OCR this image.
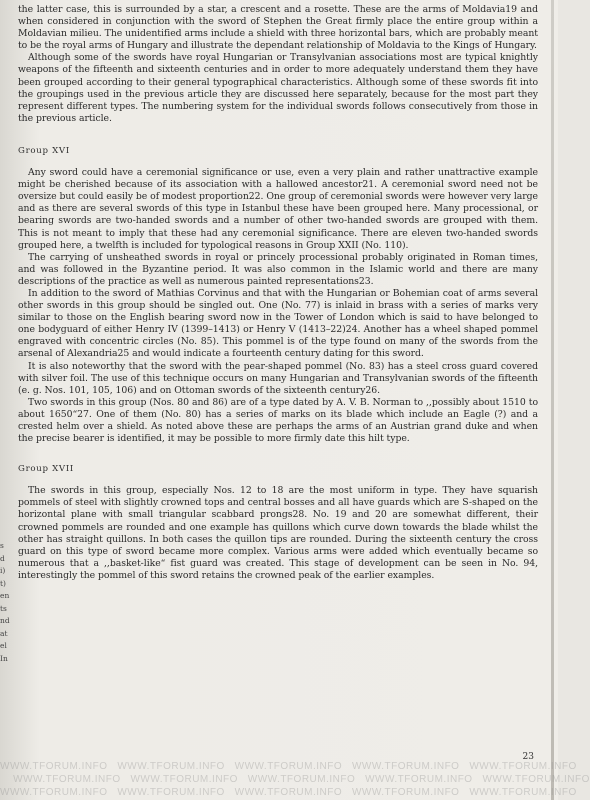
s
d
i)
t)
en
ts
nd
at
el
In

the latter case, this is surrounded by a star, a crescent and a rosette. These are the arms of Moldavia19 and when considered in conjunction with the sword of Stephen the Great firmly place the entire group within a Moldavian milieu. The unidentified arms include a shield with three horizontal bars, which are probably meant to be the royal arms of Hungary and illustrate the dependant relationship of Moldavia to the Kings of Hungary.

Although some of the swords have royal Hungarian or Transylvanian associations most are typical knightly weapons of the fifteenth and sixteenth centuries and in order to more adequately understand them they have been grouped according to their general typographical characteristics. Although some of these swords fit into the groupings used in the previous article they are discussed here separately, because for the most part they represent different types. The numbering system for the individual swords follows consecutively from those in the previous article.

Group XVI

Any sword could have a ceremonial significance or use, even a very plain and rather unattractive example might be cherished because of its association with a hallowed ancestor21. A ceremonial sword need not be oversize but could easily be of modest proportion22. One group of ceremonial swords were however very large and as there are several swords of this type in Istanbul these have been grouped here. Many processional, or bearing swords are two-handed swords and a number of other two-handed swords are grouped with them. This is not meant to imply that these had any ceremonial significance. There are eleven two-handed swords grouped here, a twelfth is included for typological reasons in Group XXII (No. 110).

The carrying of unsheathed swords in royal or princely processional probably originated in Roman times, and was followed in the Byzantine period. It was also common in the Islamic world and there are many descriptions of the practice as well as numerous painted representations23.

In addition to the sword of Mathias Corvinus and that with the Hungarian or Bohemian coat of arms several other swords in this group should be singled out. One (No. 77) is inlaid in brass with a series of marks very similar to those on the English bearing sword now in the Tower of London which is said to have belonged to one bodyguard of either Henry IV (1399–1413) or Henry V (1413–22)24. Another has a wheel shaped pommel engraved with concentric circles (No. 85). This pommel is of the type found on many of the swords from the arsenal of Alexandria25 and would indicate a fourteenth century dating for this sword.

It is also noteworthy that the sword with the pear-shaped pommel (No. 83) has a steel cross guard covered with silver foil. The use of this technique occurs on many Hungarian and Transylvanian swords of the fifteenth (e. g. Nos. 101, 105, 106) and on Ottoman swords of the sixteenth century26.

Two swords in this group (Nos. 80 and 86) are of a type dated by A. V. B. Norman to ,,possibly about 1510 to about 1650“27. One of them (No. 80) has a series of marks on its blade which include an Eagle (?) and a crested helm over a shield. As noted above these are perhaps the arms of an Austrian grand duke and when the precise bearer is identified, it may be possible to more firmly date this hilt type.

Group XVII

The swords in this group, especially Nos. 12 to 18 are the most uniform in type. They have squarish pommels of steel with slightly crowned tops and central bosses and all have guards which are S-shaped on the horizontal plane with small triangular scabbard prongs28. No. 19 and 20 are somewhat different, their crowned pommels are rounded and one example has quillons which curve down towards the blade whilst the other has straight quillons. In both cases the quillon tips are rounded. During the sixteenth century the cross guard on this type of sword became more complex. Various arms were added which eventually became so numerous that a ,,basket-like“ fist guard was created. This stage of development can be seen in No. 94, interestingly the pommel of this sword retains the crowned peak of the earlier examples.

23
WWW.TFORUM.INFO WWW.TFORUM.INFO WWW.TFORUM.INFO WWW.TFORUM.INFO WWW.TFORUM.INFO
WWW.TFORUM.INFO WWW.TFORUM.INFO WWW.TFORUM.INFO WWW.TFORUM.INFO WWW.TFORUM.INFO
WWW.TFORUM.INFO WWW.TFORUM.INFO WWW.TFORUM.INFO WWW.TFORUM.INFO WWW.TFORUM.INFO
